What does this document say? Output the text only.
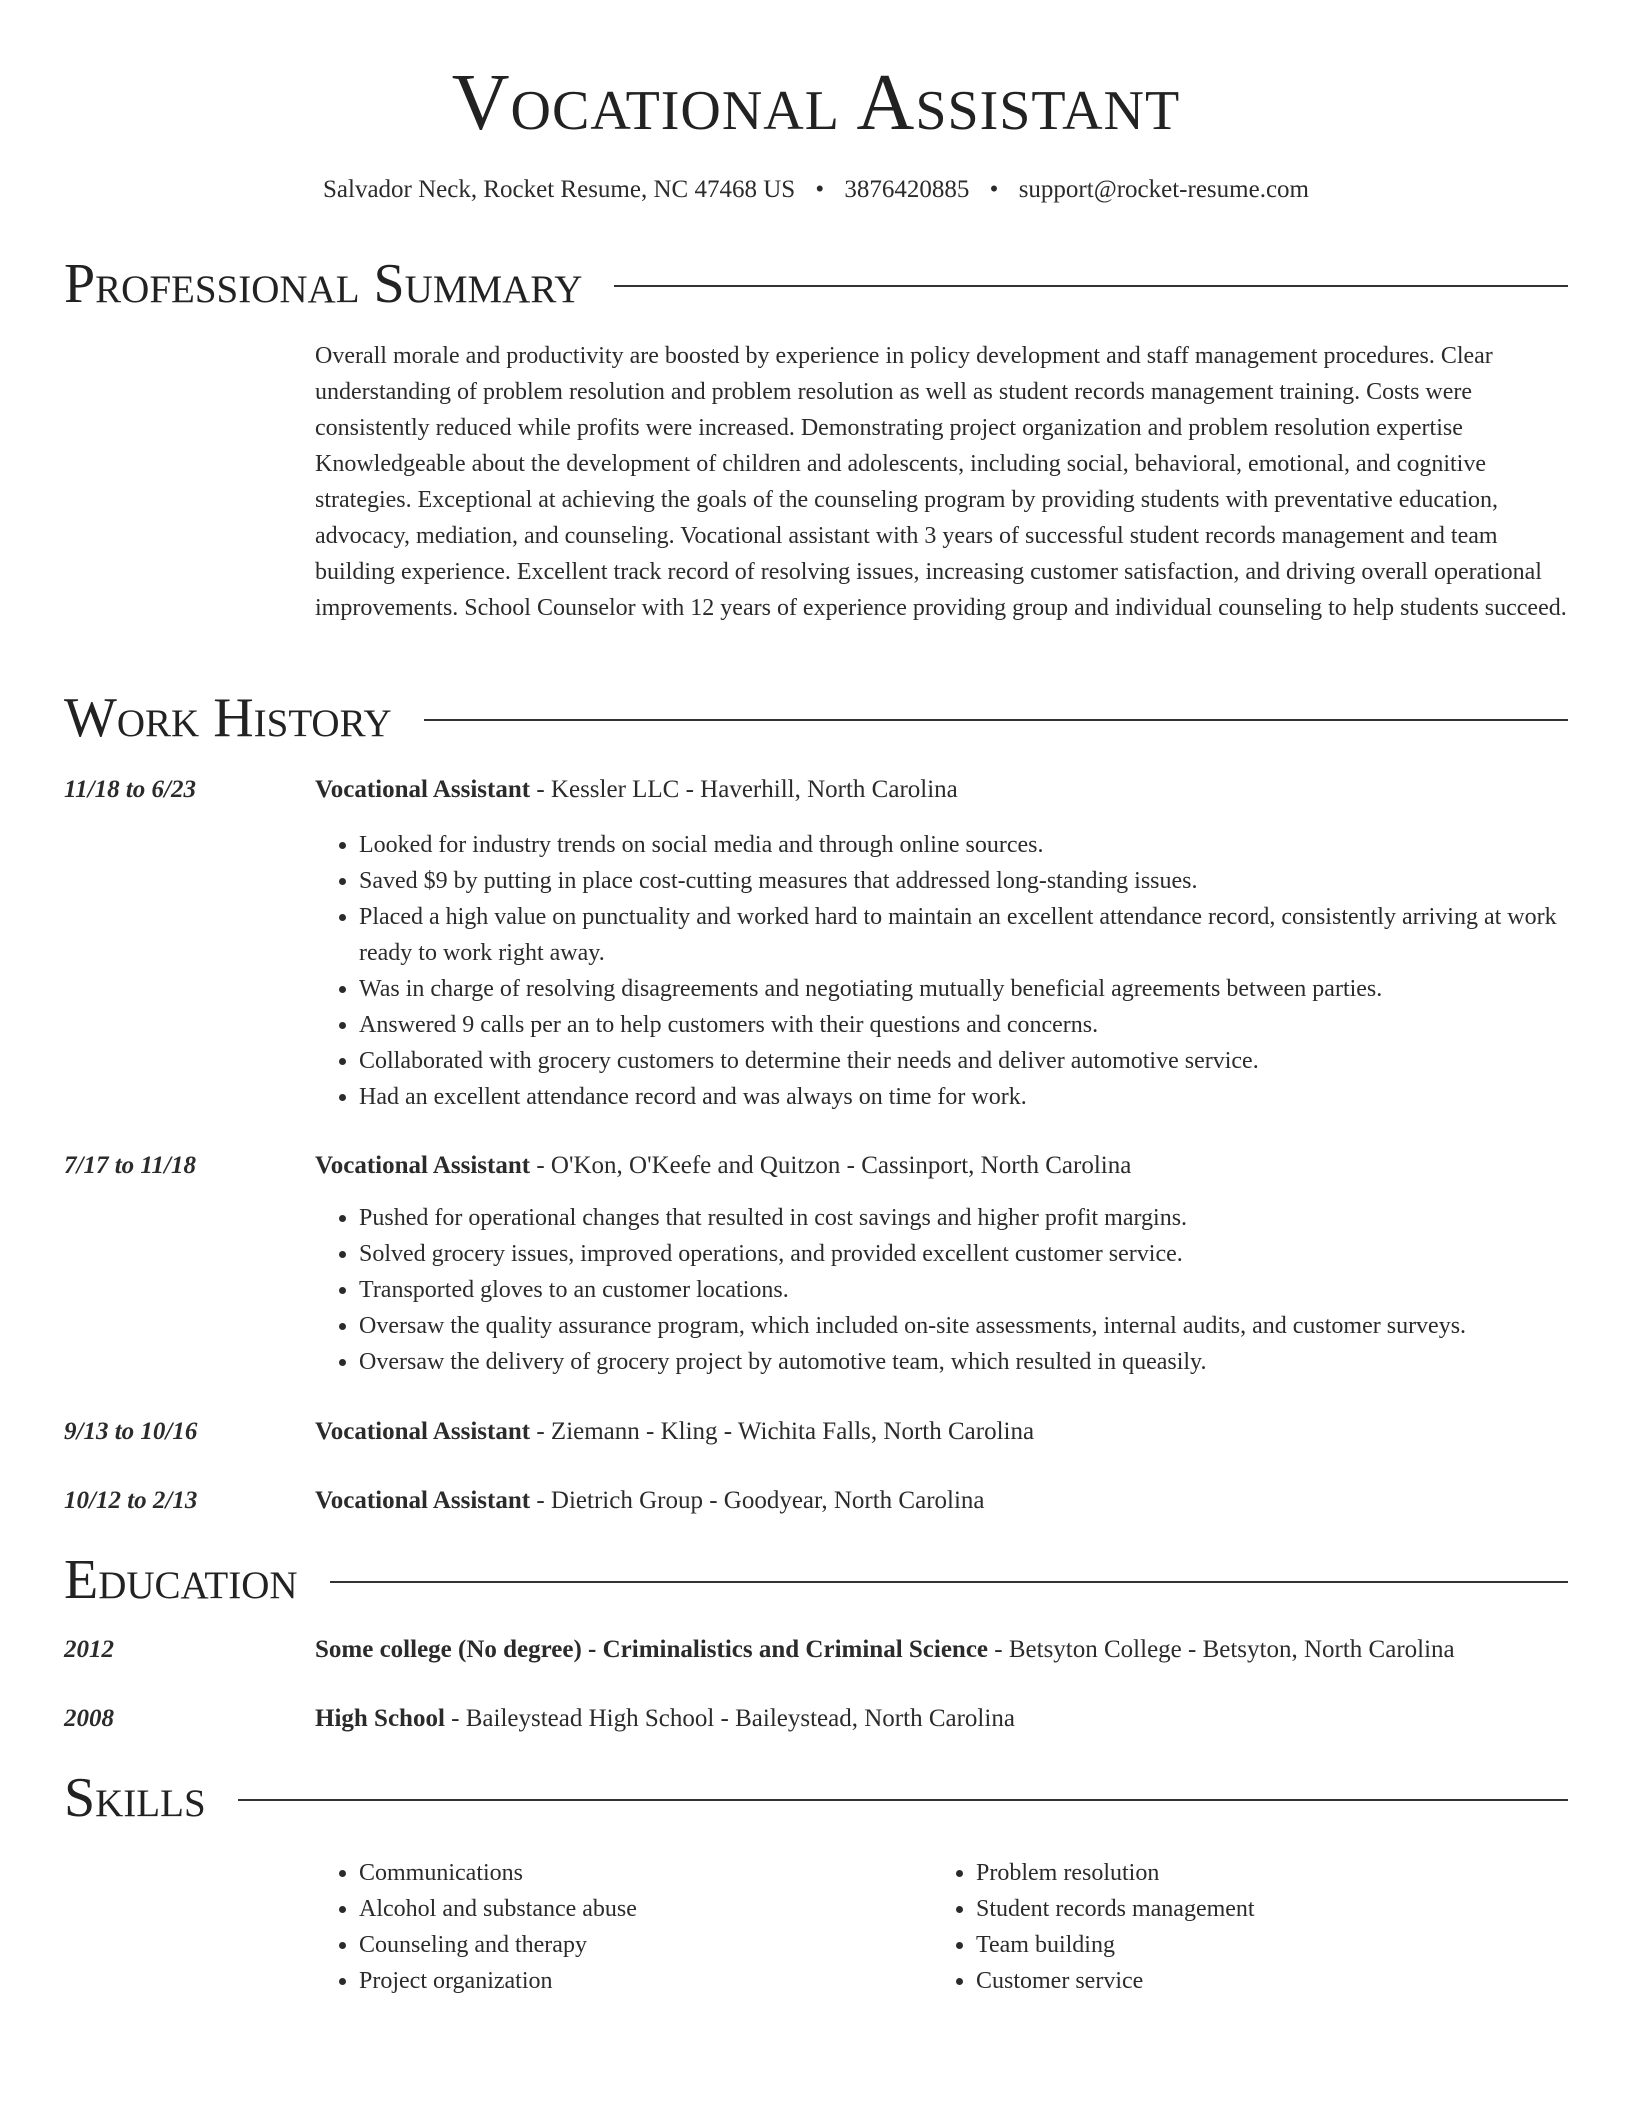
Vocational Assistant
Salvador Neck, Rocket Resume, NC 47468 US • 3876420885 • support@rocket-resume.com
Professional Summary
Overall morale and productivity are boosted by experience in policy development and staff management procedures. Clear understanding of problem resolution and problem resolution as well as student records management training. Costs were consistently reduced while profits were increased. Demonstrating project organization and problem resolution expertise Knowledgeable about the development of children and adolescents, including social, behavioral, emotional, and cognitive strategies. Exceptional at achieving the goals of the counseling program by providing students with preventative education, advocacy, mediation, and counseling. Vocational assistant with 3 years of successful student records management and team building experience. Excellent track record of resolving issues, increasing customer satisfaction, and driving overall operational improvements. School Counselor with 12 years of experience providing group and individual counseling to help students succeed.
Work History
11/18 to 6/23	Vocational Assistant - Kessler LLC - Haverhill, North Carolina
• Looked for industry trends on social media and through online sources.
• Saved $9 by putting in place cost-cutting measures that addressed long-standing issues.
• Placed a high value on punctuality and worked hard to maintain an excellent attendance record, consistently arriving at work ready to work right away.
• Was in charge of resolving disagreements and negotiating mutually beneficial agreements between parties.
• Answered 9 calls per an to help customers with their questions and concerns.
• Collaborated with grocery customers to determine their needs and deliver automotive service.
• Had an excellent attendance record and was always on time for work.
7/17 to 11/18	Vocational Assistant - O'Kon, O'Keefe and Quitzon - Cassinport, North Carolina
• Pushed for operational changes that resulted in cost savings and higher profit margins.
• Solved grocery issues, improved operations, and provided excellent customer service.
• Transported gloves to an customer locations.
• Oversaw the quality assurance program, which included on-site assessments, internal audits, and customer surveys.
• Oversaw the delivery of grocery project by automotive team, which resulted in queasily.
9/13 to 10/16	Vocational Assistant - Ziemann - Kling - Wichita Falls, North Carolina
10/12 to 2/13	Vocational Assistant - Dietrich Group - Goodyear, North Carolina
Education
2012	Some college (No degree) - Criminalistics and Criminal Science - Betsyton College - Betsyton, North Carolina
2008	High School - Baileystead High School - Baileystead, North Carolina
Skills
• Communications
• Alcohol and substance abuse
• Counseling and therapy
• Project organization
• Problem resolution
• Student records management
• Team building
• Customer service
